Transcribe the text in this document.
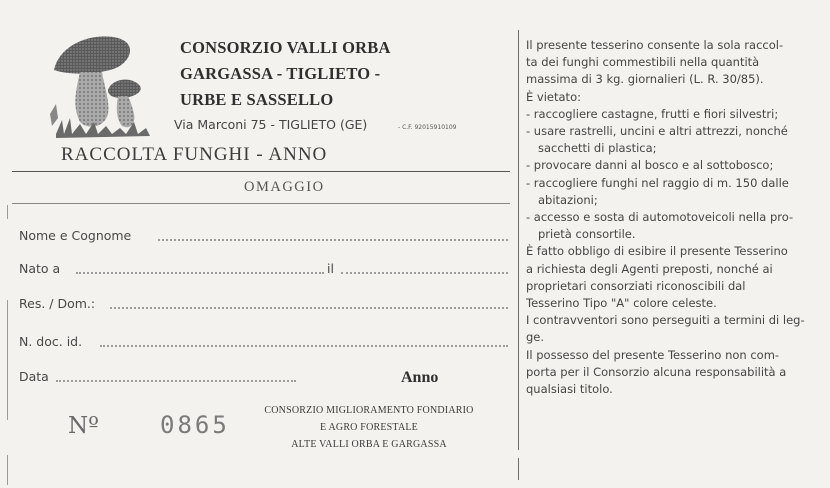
CONSORZIO VALLI ORBA
GARGASSA - TIGLIETO -
URBE E SASSELLO
Via Marconi 75 - TIGLIETO (GE)	- C.F. 92015910109
RACCOLTA FUNGHI - ANNO
OMAGGIO
Nome e Cognome
Nato a	il
Res. / Dom.:
N. doc. id.
Data	Anno
Nº	0865
CONSORZIO MIGLIORAMENTO FONDIARIO
E AGRO FORESTALE
ALTE VALLI ORBA E GARGASSA

Il presente tesserino consente la sola raccol-

ta dei funghi commestibili nella quantità

massima di 3 kg. giornalieri (L. R. 30/85).

È vietato:

- raccogliere castagne, frutti e fiori silvestri;

- usare rastrelli, uncini e altri attrezzi, nonché

sacchetti di plastica;

- provocare danni al bosco e al sottobosco;

- raccogliere funghi nel raggio di m. 150 dalle

abitazioni;

- accesso e sosta di automotoveicoli nella pro-

prietà consortile.

È fatto obbligo di esibire il presente Tesserino

a richiesta degli Agenti preposti, nonché ai

proprietari consorziati riconoscibili dal

Tesserino Tipo "A" colore celeste.

I contravventori sono perseguiti a termini di leg-

ge.

Il possesso del presente Tesserino non com-

porta per il Consorzio alcuna responsabilità a

qualsiasi titolo.
